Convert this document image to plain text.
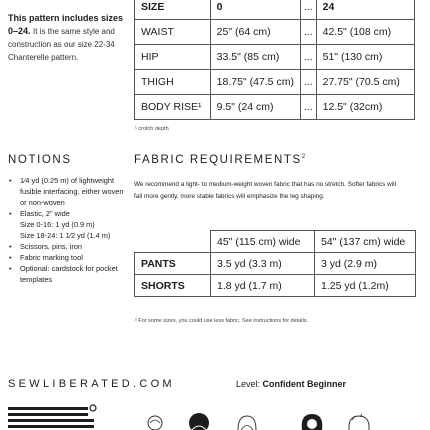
This pattern includes sizes 0–24. It is the same style and construction as our size 22-34 Chanterelle pattern.
SIZE	0	...	24
WAIST	25" (64 cm)	...	42.5" (108 cm)
HIP	33.5" (85 cm)	...	51" (130 cm)
THIGH	18.75" (47.5 cm)	...	27.75" (70.5 cm)
BODY RISE¹	9.5" (24 cm)	...	12.5" (32cm)
¹ crotch depth
NOTIONS	FABRIC REQUIREMENTS$^2$
• 1⁄4 yd (0.25 m) of lightweight fusible interfacing, either woven or non-woven
• Elastic, 2" wide
Size 0-16: 1 yd (0.9 m)
Size 18-24: 1 1⁄2 yd (1.4 m)
• Scissors, pins, iron
• Fabric marking tool
• Optional: cardstock for pocket templates
We recommend a light- to medium-weight woven fabric that has no stretch. Softer fabrics will fall more gently, more stable fabrics will emphasize the leg shaping.
	45" (115 cm) wide	54" (137 cm) wide
PANTS	3.5 yd (3.3 m)	3 yd (2.9 m)
SHORTS	1.8 yd (1.7 m)	1.25 yd (1.2m)
² For some sizes, you could use less fabric. See instructions for details.
SEWLIBERATED.COM	Level: Confident Beginner
